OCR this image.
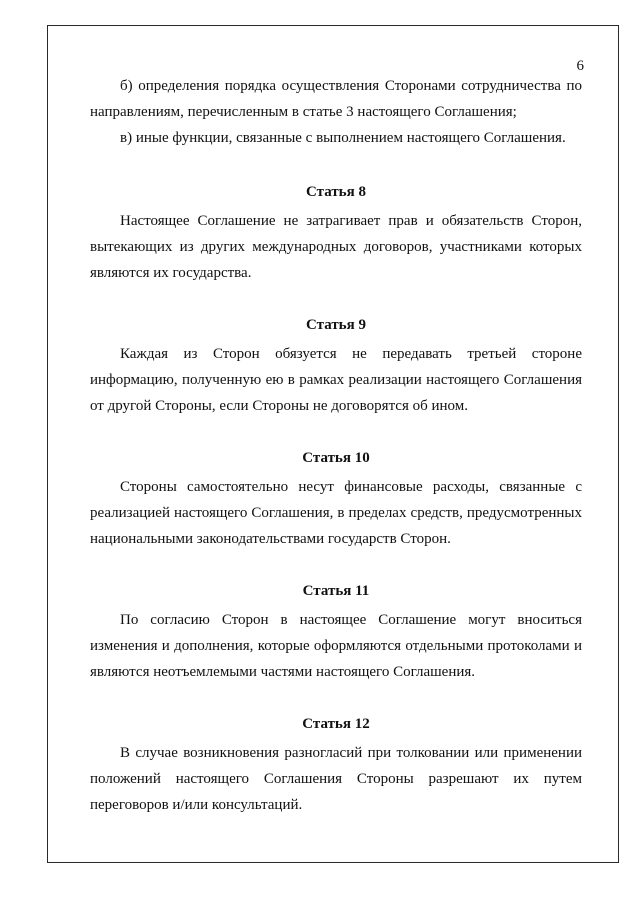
6

б) определения порядка осуществления Сторонами сотрудничества по направлениям, перечисленным в статье 3 настоящего Соглашения;

в) иные функции, связанные с выполнением настоящего Соглашения.

Статья 8

Настоящее Соглашение не затрагивает прав и обязательств Сторон, вытекающих из других международных договоров, участниками которых являются их государства.

Статья 9

Каждая из Сторон обязуется не передавать третьей стороне информацию, полученную ею в рамках реализации настоящего Соглашения от другой Стороны, если Стороны не договорятся об ином.

Статья 10

Стороны самостоятельно несут финансовые расходы, связанные с реализацией настоящего Соглашения, в пределах средств, предусмотренных национальными законодательствами государств Сторон.

Статья 11

По согласию Сторон в настоящее Соглашение могут вноситься изменения и дополнения, которые оформляются отдельными протоколами и являются неотъемлемыми частями настоящего Соглашения.

Статья 12

В случае возникновения разногласий при толковании или применении положений настоящего Соглашения Стороны разрешают их путем переговоров и/или консультаций.
